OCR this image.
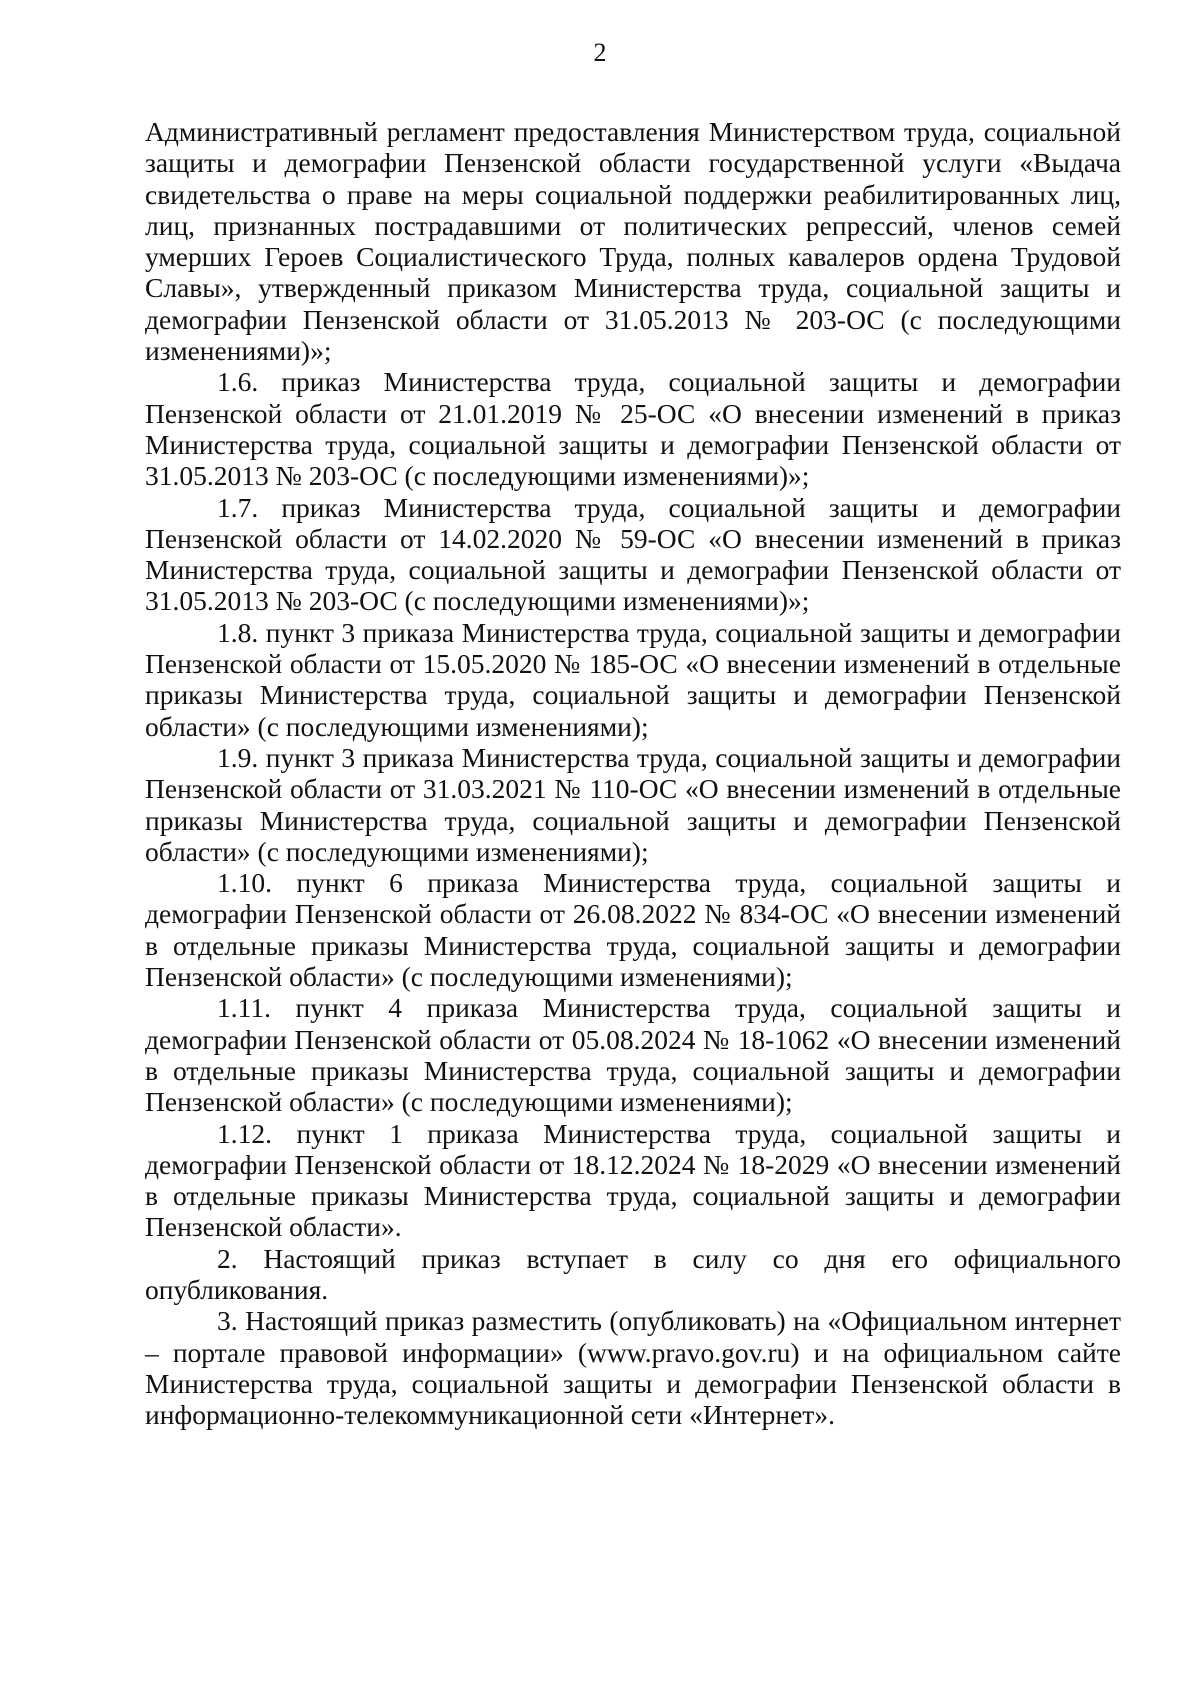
2

Административный регламент предоставления Министерством труда, социальной защиты и демографии Пензенской области государственной услуги «Выдача свидетельства о праве на меры социальной поддержки реабилитированных лиц, лиц, признанных пострадавшими от политических репрессий, членов семей умерших Героев Социалистического Труда, полных кавалеров ордена Трудовой Славы», утвержденный приказом Министерства труда, социальной защиты и демографии Пензенской области от 31.05.2013 № 203-ОС (с последующими изменениями)»;

1.6. приказ Министерства труда, социальной защиты и демографии Пензенской области от 21.01.2019 № 25-ОС «О внесении изменений в приказ Министерства труда, социальной защиты и демографии Пензенской области от 31.05.2013 № 203-ОС (с последующими изменениями)»;

1.7. приказ Министерства труда, социальной защиты и демографии Пензенской области от 14.02.2020 № 59-ОС «О внесении изменений в приказ Министерства труда, социальной защиты и демографии Пензенской области от 31.05.2013 № 203-ОС (с последующими изменениями)»;

1.8. пункт 3 приказа Министерства труда, социальной защиты и демографии Пензенской области от 15.05.2020 № 185-ОС «О внесении изменений в отдельные приказы Министерства труда, социальной защиты и демографии Пензенской области» (с последующими изменениями);

1.9. пункт 3 приказа Министерства труда, социальной защиты и демографии Пензенской области от 31.03.2021 № 110-ОС «О внесении изменений в отдельные приказы Министерства труда, социальной защиты и демографии Пензенской области» (с последующими изменениями);

1.10. пункт 6 приказа Министерства труда, социальной защиты и демографии Пензенской области от 26.08.2022 № 834-ОС «О внесении изменений в отдельные приказы Министерства труда, социальной защиты и демографии Пензенской области» (с последующими изменениями);

1.11. пункт 4 приказа Министерства труда, социальной защиты и демографии Пензенской области от 05.08.2024 № 18-1062 «О внесении изменений в отдельные приказы Министерства труда, социальной защиты и демографии Пензенской области» (с последующими изменениями);

1.12. пункт 1 приказа Министерства труда, социальной защиты и демографии Пензенской области от 18.12.2024 № 18-2029 «О внесении изменений в отдельные приказы Министерства труда, социальной защиты и демографии Пензенской области».

2. Настоящий приказ вступает в силу со дня его официального опубликования.

3. Настоящий приказ разместить (опубликовать) на «Официальном интернет – портале правовой информации» (www.pravo.gov.ru) и на официальном сайте Министерства труда, социальной защиты и демографии Пензенской области в информационно-телекоммуникационной сети «Интернет».
